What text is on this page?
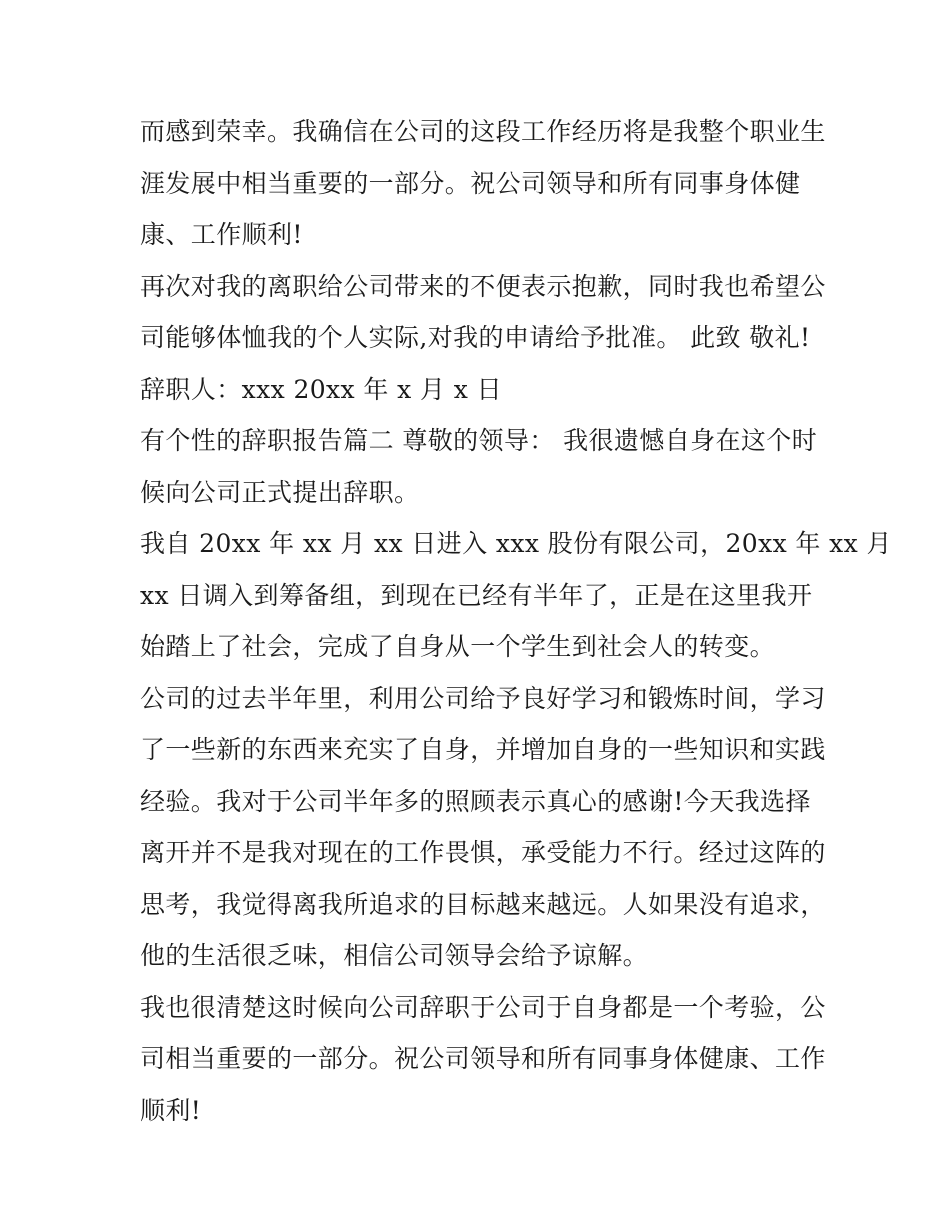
而感到荣幸。我确信在公司的这段工作经历将是我整个职业生
涯发展中相当重要的一部分。祝公司领导和所有同事身体健
康、工作顺利!

再次对我的离职给公司带来的不便表示抱歉，同时我也希望公
司能够体恤我的个人实际,对我的申请给予批准。 此致 敬礼!

辞职人：xxx 20xx 年 x 月 x 日

有个性的辞职报告篇二 尊敬的领导： 我很遗憾自身在这个时
候向公司正式提出辞职。

我自 20xx 年 xx 月 xx 日进入 xxx 股份有限公司，20xx 年 xx 月
xx 日调入到筹备组，到现在已经有半年了，正是在这里我开
始踏上了社会，完成了自身从一个学生到社会人的转变。

公司的过去半年里，利用公司给予良好学习和锻炼时间，学习
了一些新的东西来充实了自身，并增加自身的一些知识和实践
经验。我对于公司半年多的照顾表示真心的感谢!今天我选择
离开并不是我对现在的工作畏惧，承受能力不行。经过这阵的
思考，我觉得离我所追求的目标越来越远。人如果没有追求，
他的生活很乏味，相信公司领导会给予谅解。

我也很清楚这时候向公司辞职于公司于自身都是一个考验，公
司相当重要的一部分。祝公司领导和所有同事身体健康、工作
顺利!
